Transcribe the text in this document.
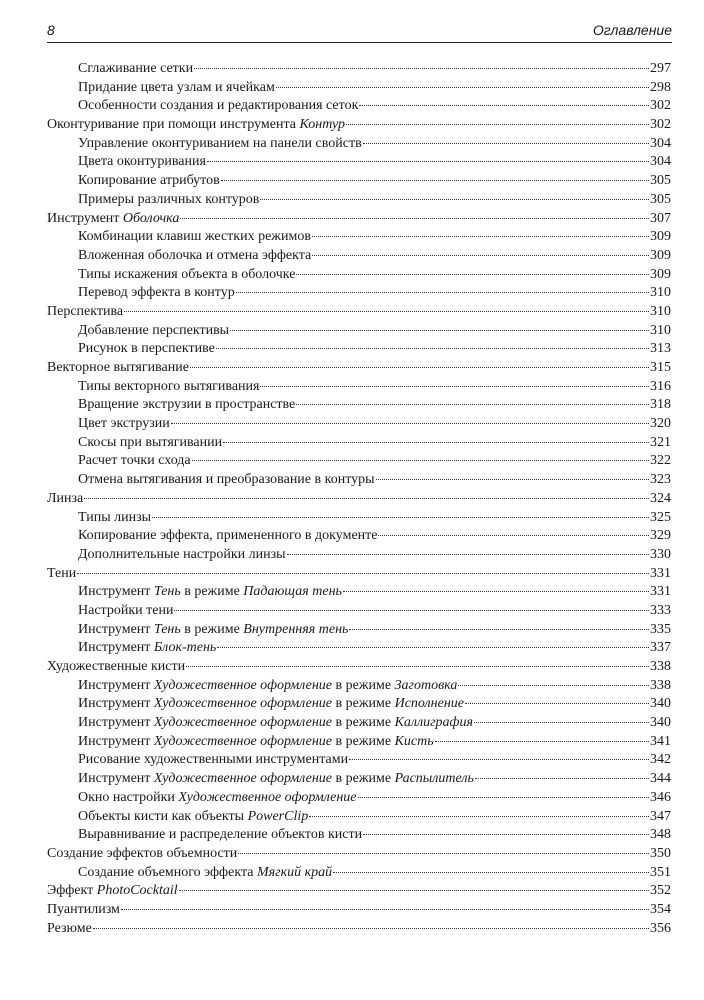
8	Оглавление
Сглаживание сетки	297
Придание цвета узлам и ячейкам	298
Особенности создания и редактирования сеток	302
Оконтуривание при помощи инструмента Контур	302
Управление оконтуриванием на панели свойств	304
Цвета оконтуривания	304
Копирование атрибутов	305
Примеры различных контуров	305
Инструмент Оболочка	307
Комбинации клавиш жестких режимов	309
Вложенная оболочка и отмена эффекта	309
Типы искажения объекта в оболочке	309
Перевод эффекта в контур	310
Перспектива	310
Добавление перспективы	310
Рисунок в перспективе	313
Векторное вытягивание	315
Типы векторного вытягивания	316
Вращение экструзии в пространстве	318
Цвет экструзии	320
Скосы при вытягивании	321
Расчет точки схода	322
Отмена вытягивания и преобразование в контуры	323
Линза	324
Типы линзы	325
Копирование эффекта, примененного в документе	329
Дополнительные настройки линзы	330
Тени	331
Инструмент Тень в режиме Падающая тень	331
Настройки тени	333
Инструмент Тень в режиме Внутренняя тень	335
Инструмент Блок-тень	337
Художественные кисти	338
Инструмент Художественное оформление в режиме Заготовка	338
Инструмент Художественное оформление в режиме Исполнение	340
Инструмент Художественное оформление в режиме Каллиграфия	340
Инструмент Художественное оформление в режиме Кисть	341
Рисование художественными инструментами	342
Инструмент Художественное оформление в режиме Распылитель	344
Окно настройки Художественное оформление	346
Объекты кисти как объекты PowerClip	347
Выравнивание и распределение объектов кисти	348
Создание эффектов объемности	350
Создание объемного эффекта Мягкий край	351
Эффект PhotoCocktail	352
Пуантилизм	354
Резюме	356
